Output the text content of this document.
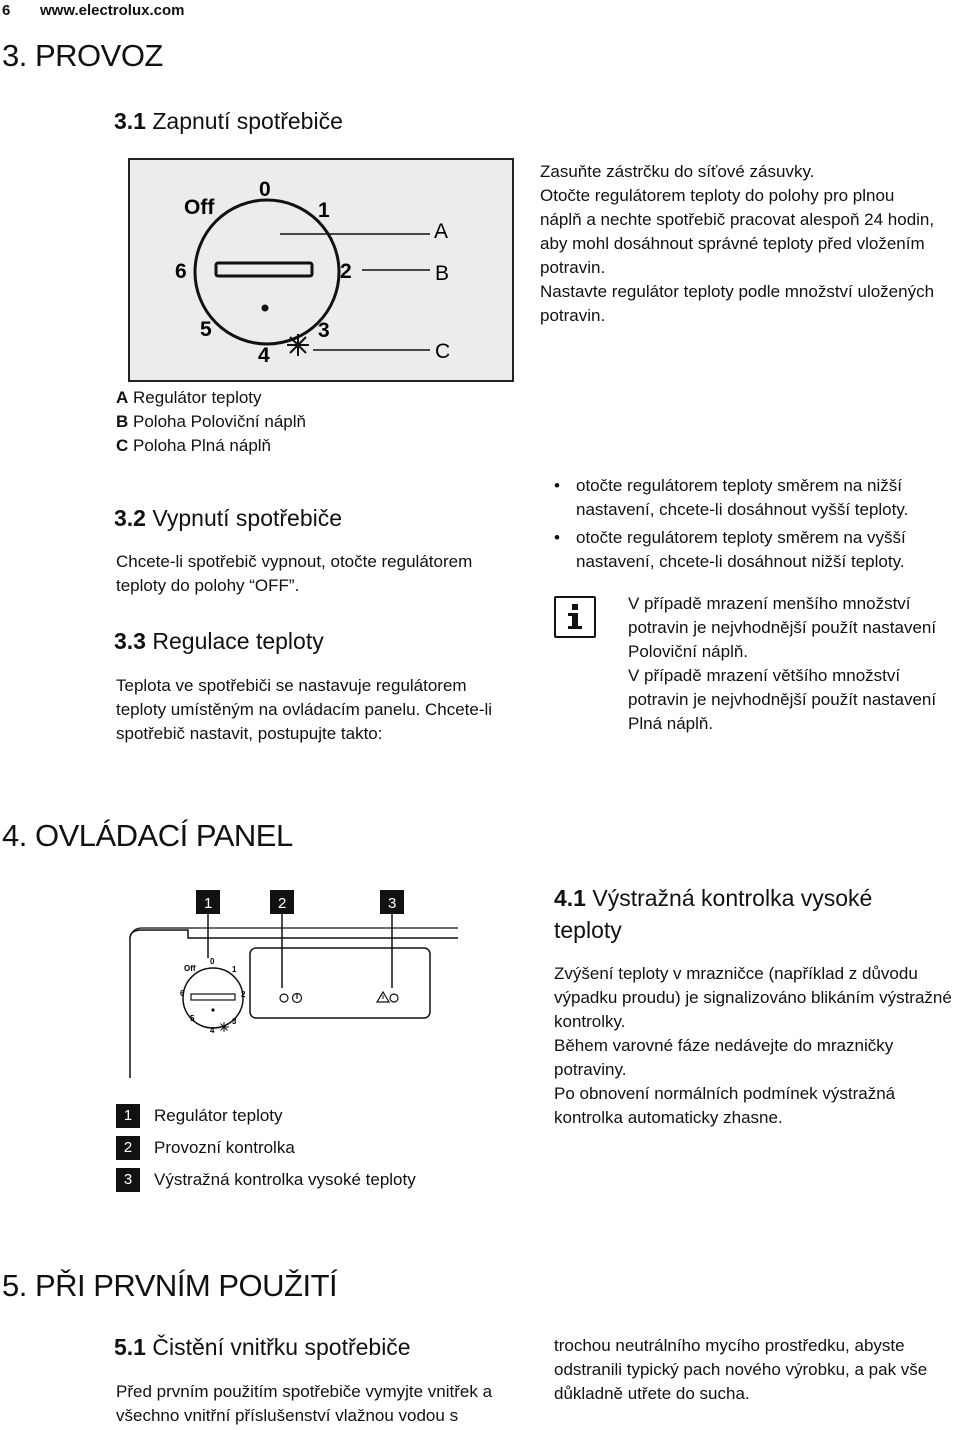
6 www.electrolux.com
3. PROVOZ
3.1 Zapnutí spotřebiče
Off
0
1
2
3
4
5
6
A
B
C

Zasuňte zástrčku do síťové zásuvky.

Otočte regulátorem teploty do polohy pro plnou náplň a nechte spotřebič pracovat alespoň 24 hodin, aby mohl dosáhnout správné teploty před vložením potravin.

Nastavte regulátor teploty podle množství uložených potravin.

A Regulátor teploty
B Poloha Poloviční náplň
C Poloha Plná náplň
3.2 Vypnutí spotřebiče
Chcete-li spotřebič vypnout, otočte regulátorem teploty do polohy “OFF”.
3.3 Regulace teploty
Teplota ve spotřebiči se nastavuje regulátorem teploty umístěným na ovládacím panelu. Chcete-li spotřebič nastavit, postupujte takto:
• otočte regulátorem teploty směrem na nižší nastavení, chcete-li dosáhnout vyšší teploty.
• otočte regulátorem teploty směrem na vyšší nastavení, chcete-li dosáhnout nižší teploty.

V případě mrazení menšího množství potravin je nejvhodnější použít nastavení Poloviční náplň.

V případě mrazení většího množství potravin je nejvhodnější použít nastavení Plná náplň.

4. OVLÁDACÍ PANEL
1	2	3
Off
0
1
2
3
4
5
6
1	Regulátor teploty
2	Provozní kontrolka
3	Výstražná kontrolka vysoké teploty
4.1 Výstražná kontrolka vysoké teploty

Zvýšení teploty v mrazničce (například z důvodu výpadku proudu) je signalizováno blikáním výstražné kontrolky.

Během varovné fáze nedávejte do mrazničky potraviny.

Po obnovení normálních podmínek výstražná kontrolka automaticky zhasne.

5. PŘI PRVNÍM POUŽITÍ
5.1 Čistění vnitřku spotřebiče
Před prvním použitím spotřebiče vymyjte vnitřek a všechno vnitřní příslušenství vlažnou vodou s
trochou neutrálního mycího prostředku, abyste odstranili typický pach nového výrobku, a pak vše důkladně utřete do sucha.
